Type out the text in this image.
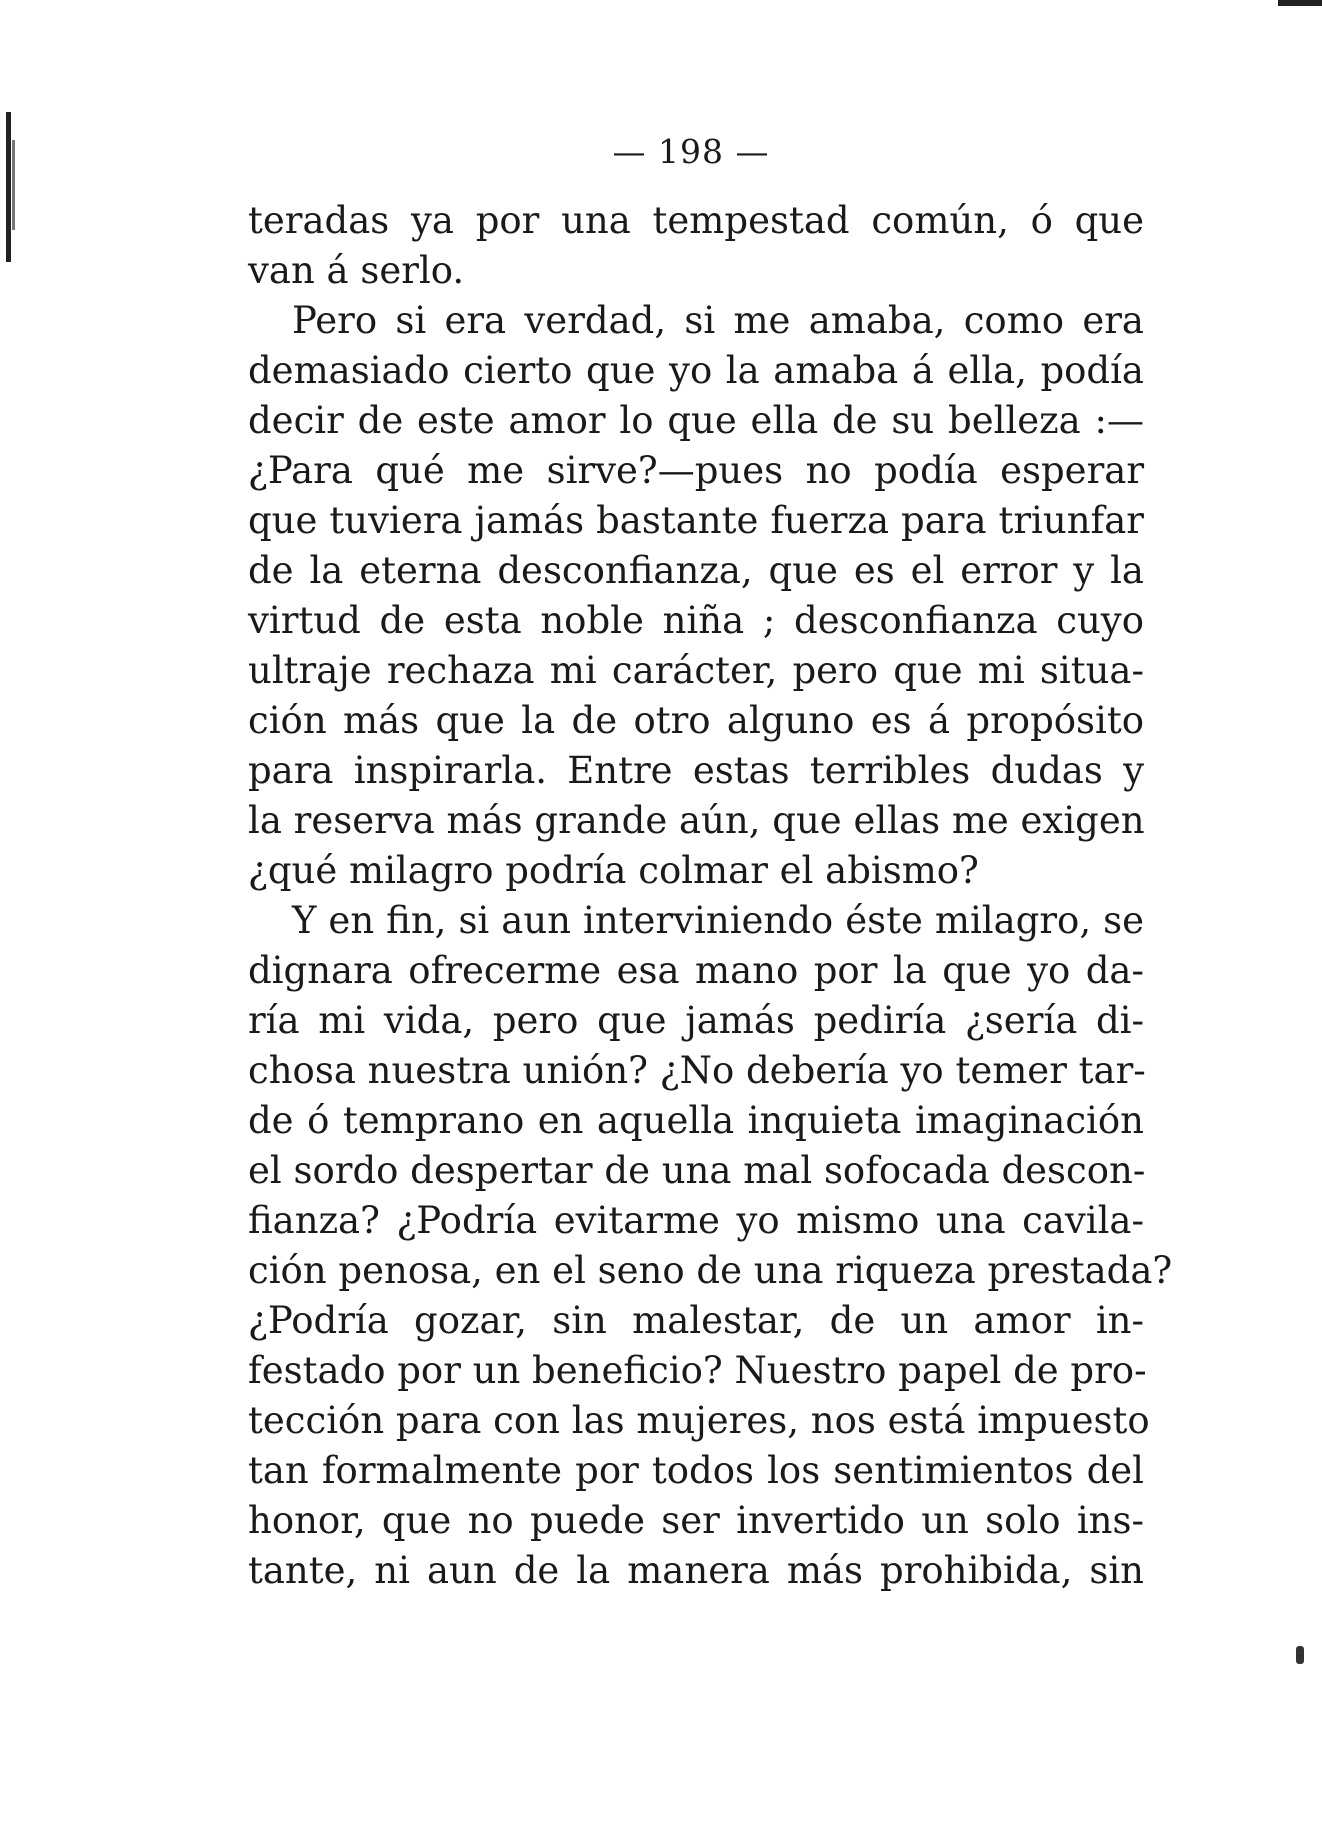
— 198 —
teradas ya por una tempestad común, ó que
van á serlo.
Pero si era verdad, si me amaba, como era
demasiado cierto que yo la amaba á ella, podía
decir de este amor lo que ella de su belleza :—
¿Para qué me sirve?—pues no podía esperar
que tuviera jamás bastante fuerza para triunfar
de la eterna desconfianza, que es el error y la
virtud de esta noble niña ; desconfianza cuyo
ultraje rechaza mi carácter, pero que mi situa-
ción más que la de otro alguno es á propósito
para inspirarla. Entre estas terribles dudas y
la reserva más grande aún, que ellas me exigen
¿qué milagro podría colmar el abismo?
Y en fin, si aun interviniendo éste milagro, se
dignara ofrecerme esa mano por la que yo da-
ría mi vida, pero que jamás pediría ¿sería di-
chosa nuestra unión? ¿No debería yo temer tar-
de ó temprano en aquella inquieta imaginación
el sordo despertar de una mal sofocada descon-
fianza? ¿Podría evitarme yo mismo una cavila-
ción penosa, en el seno de una riqueza prestada?
¿Podría gozar, sin malestar, de un amor in-
festado por un beneficio? Nuestro papel de pro-
tección para con las mujeres, nos está impuesto
tan formalmente por todos los sentimientos del
honor, que no puede ser invertido un solo ins-
tante, ni aun de la manera más prohibida, sin
